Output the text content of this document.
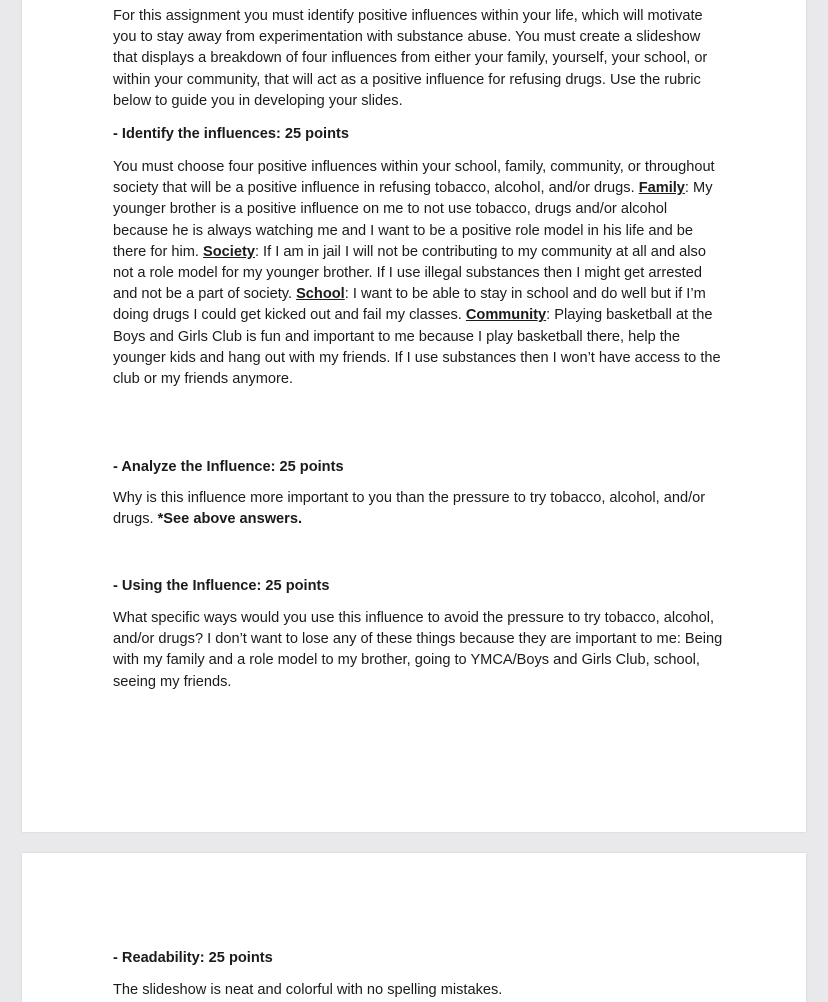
For this assignment you must identify positive influences within your life, which will motivate you to stay away from experimentation with substance abuse. You must create a slideshow that displays a breakdown of four influences from either your family, yourself, your school, or within your community, that will act as a positive influence for refusing drugs. Use the rubric below to guide you in developing your slides.

- Identify the influences: 25 points

You must choose four positive influences within your school, family, community, or throughout society that will be a positive influence in refusing tobacco, alcohol, and/or drugs. Family: My younger brother is a positive influence on me to not use tobacco, drugs and/or alcohol because he is always watching me and I want to be a positive role model in his life and be there for him. Society: If I am in jail I will not be contributing to my community at all and also not a role model for my younger brother. If I use illegal substances then I might get arrested and not be a part of society. School: I want to be able to stay in school and do well but if I’m doing drugs I could get kicked out and fail my classes. Community: Playing basketball at the Boys and Girls Club is fun and important to me because I play basketball there, help the younger kids and hang out with my friends. If I use substances then I won’t have access to the club or my friends anymore.

- Analyze the Influence: 25 points

Why is this influence more important to you than the pressure to try tobacco, alcohol, and/or drugs. *See above answers.

- Using the Influence: 25 points

What specific ways would you use this influence to avoid the pressure to try tobacco, alcohol, and/or drugs? I don’t want to lose any of these things because they are important to me: Being with my family and a role model to my brother, going to YMCA/Boys and Girls Club, school, seeing my friends.

- Readability: 25 points

The slideshow is neat and colorful with no spelling mistakes.
